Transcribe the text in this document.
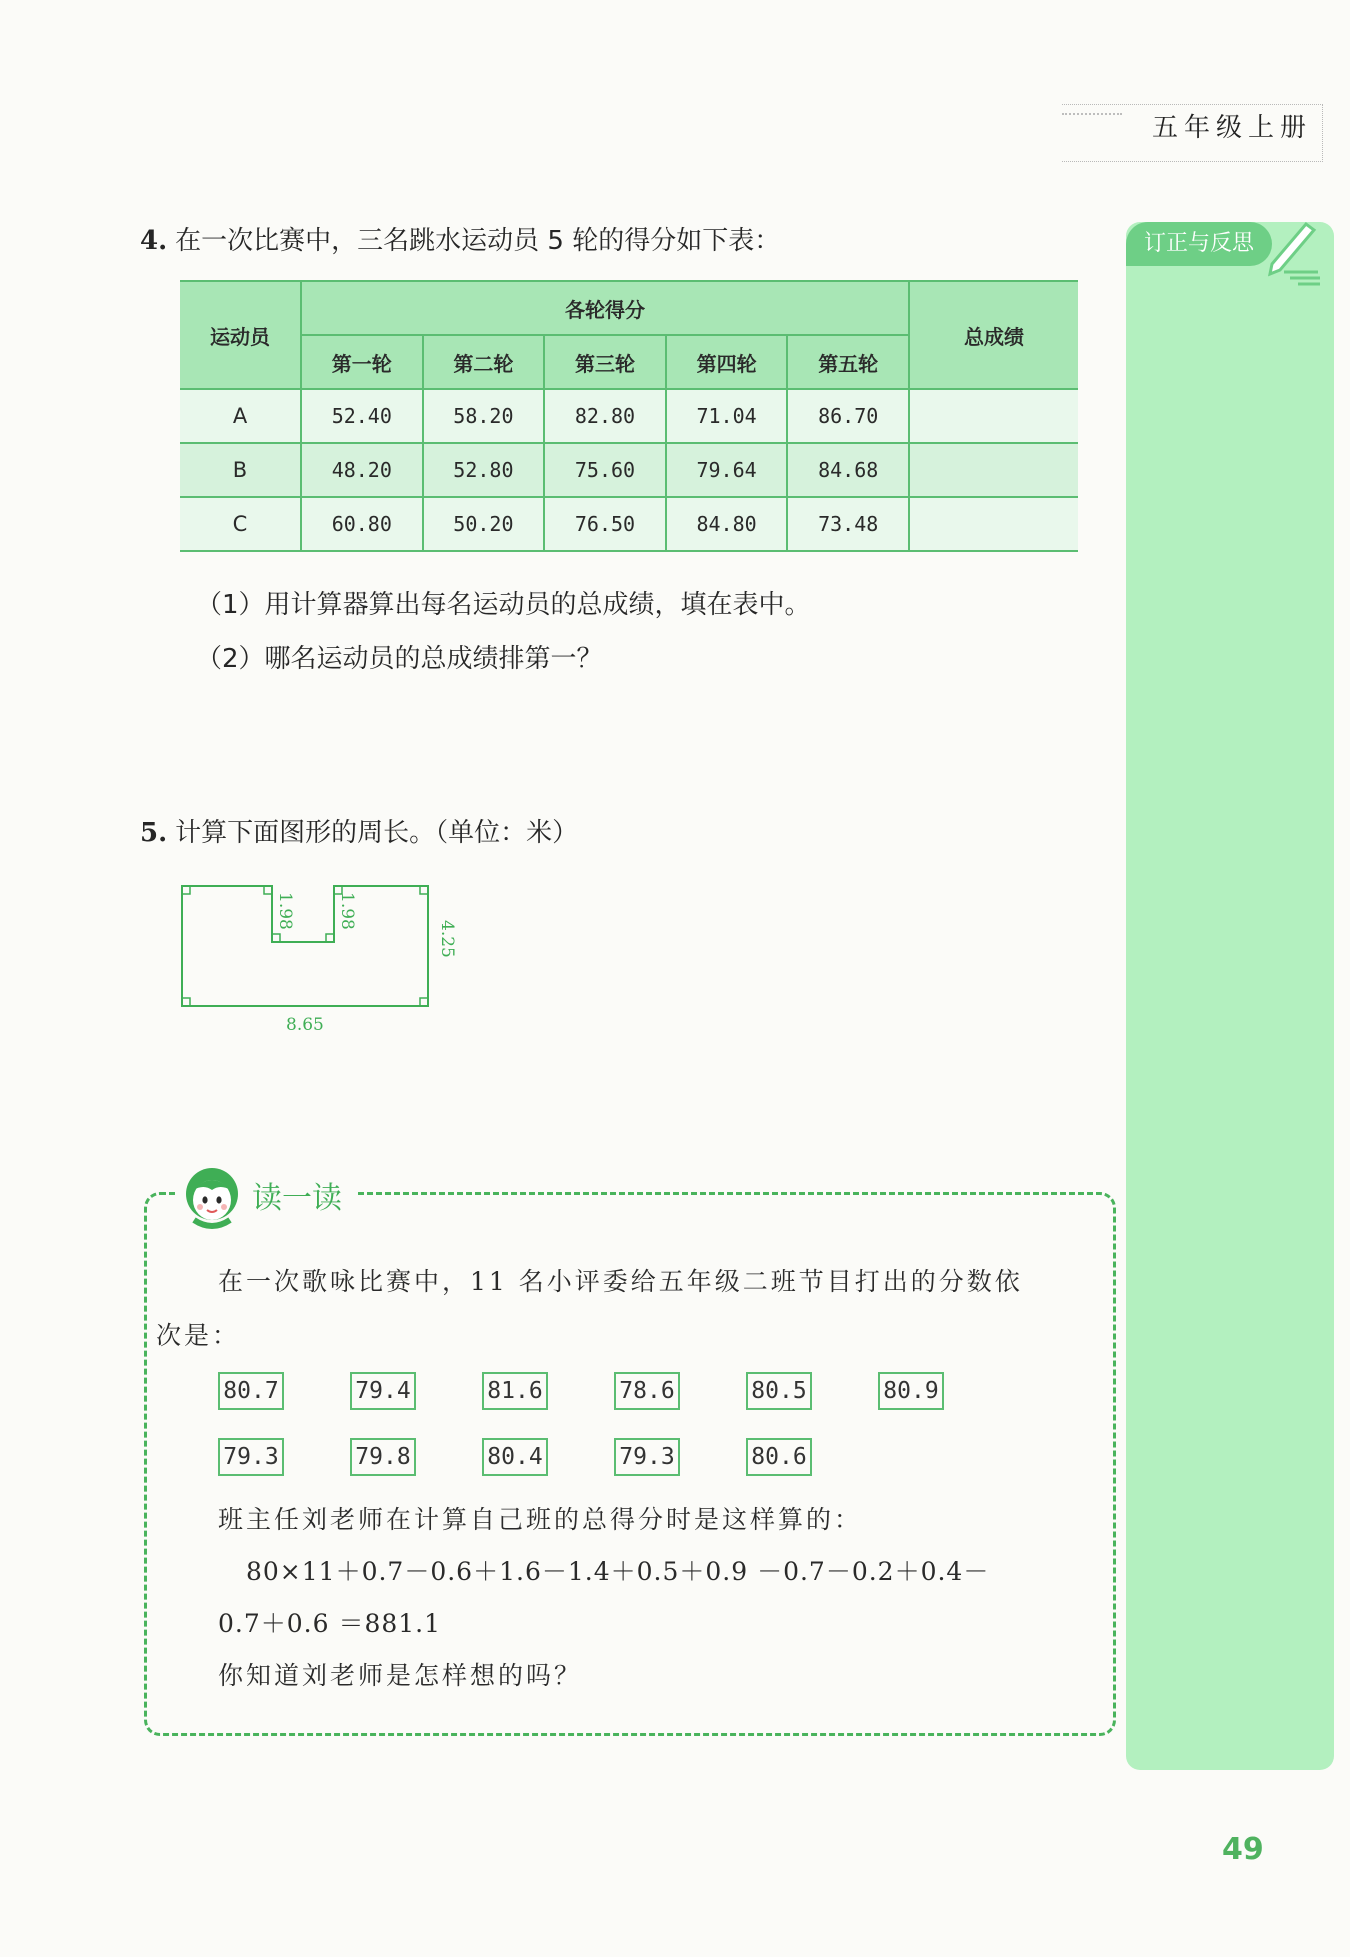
五年级上册
订正与反思
4. 在一次比赛中，三名跳水运动员 5 轮的得分如下表：
运动员	各轮得分					总成绩
	第一轮	第二轮	第三轮	第四轮	第五轮	
A	52.40	58.20	82.80	71.04	86.70	
B	48.20	52.80	75.60	79.64	84.68	
C	60.80	50.20	76.50	84.80	73.48	
（1）用计算器算出每名运动员的总成绩，填在表中。
（2）哪名运动员的总成绩排第一？
5. 计算下面图形的周长。（单位：米）
1.98 1.98
4.25
8.65
读一读
在一次歌咏比赛中，11 名小评委给五年级二班节目打出的分数依
次是：
80.7	79.4	81.6	78.6	80.5	80.9
79.3	79.8	80.4	79.3	80.6
班主任刘老师在计算自己班的总得分时是这样算的：
80×11＋0.7－0.6＋1.6－1.4＋0.5＋0.9 －0.7－0.2＋0.4－
0.7＋0.6 ＝881.1
你知道刘老师是怎样想的吗？
49
